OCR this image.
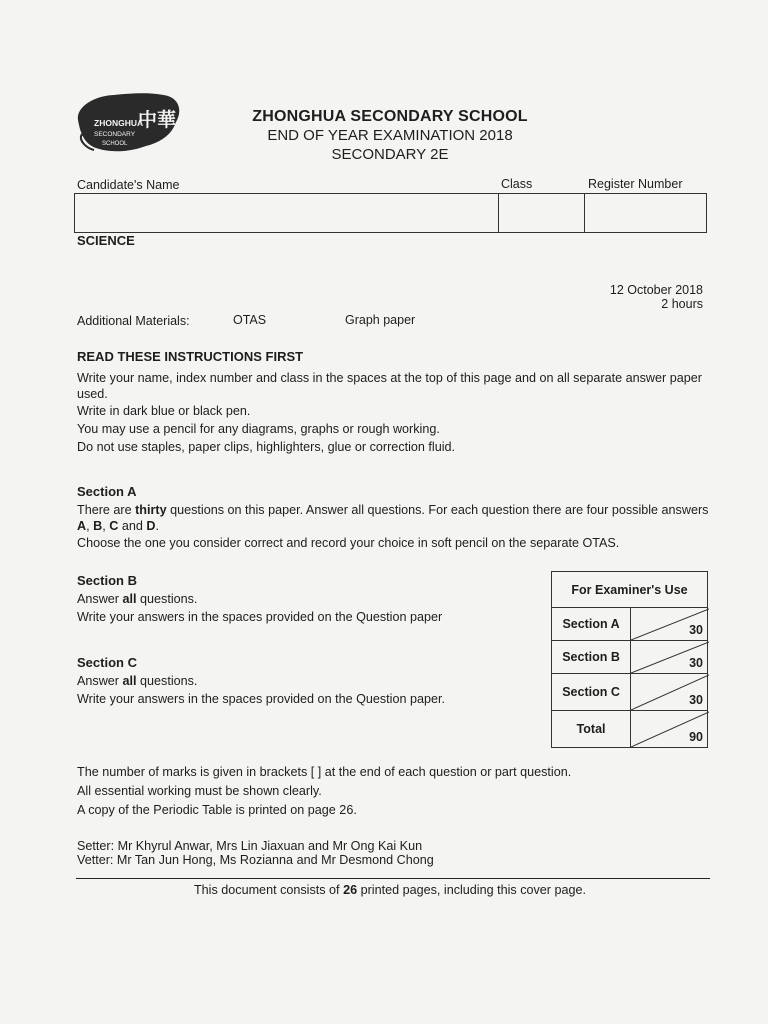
ZHONGHUA
SECONDARY
SCHOOL
中華	ZHONGHUA SECONDARY SCHOOL
END OF YEAR EXAMINATION 2018
SECONDARY 2E
Candidate's Name	Class	Register Number
SCIENCE
12 October 2018
2 hours
Additional Materials:	OTAS	Graph paper
READ THESE INSTRUCTIONS FIRST
Write your name, index number and class in the spaces at the top of this page and on all separate answer paper used.
Write in dark blue or black pen.
You may use a pencil for any diagrams, graphs or rough working.
Do not use staples, paper clips, highlighters, glue or correction fluid.
Section A
There are thirty questions on this paper. Answer all questions. For each question there are four possible answers A, B, C and D.
Choose the one you consider correct and record your choice in soft pencil on the separate OTAS.
Section B
Answer all questions.
Write your answers in the spaces provided on the Question paper
Section C
Answer all questions.
Write your answers in the spaces provided on the Question paper.
For Examiner's Use	
Section A	30

Section B	30

Section C	30

Total	90
The number of marks is given in brackets [ ] at the end of each question or part question.
All essential working must be shown clearly.
A copy of the Periodic Table is printed on page 26.
Setter: Mr Khyrul Anwar, Mrs Lin Jiaxuan and Mr Ong Kai Kun
Vetter: Mr Tan Jun Hong, Ms Rozianna and Mr Desmond Chong
This document consists of 26 printed pages, including this cover page.
